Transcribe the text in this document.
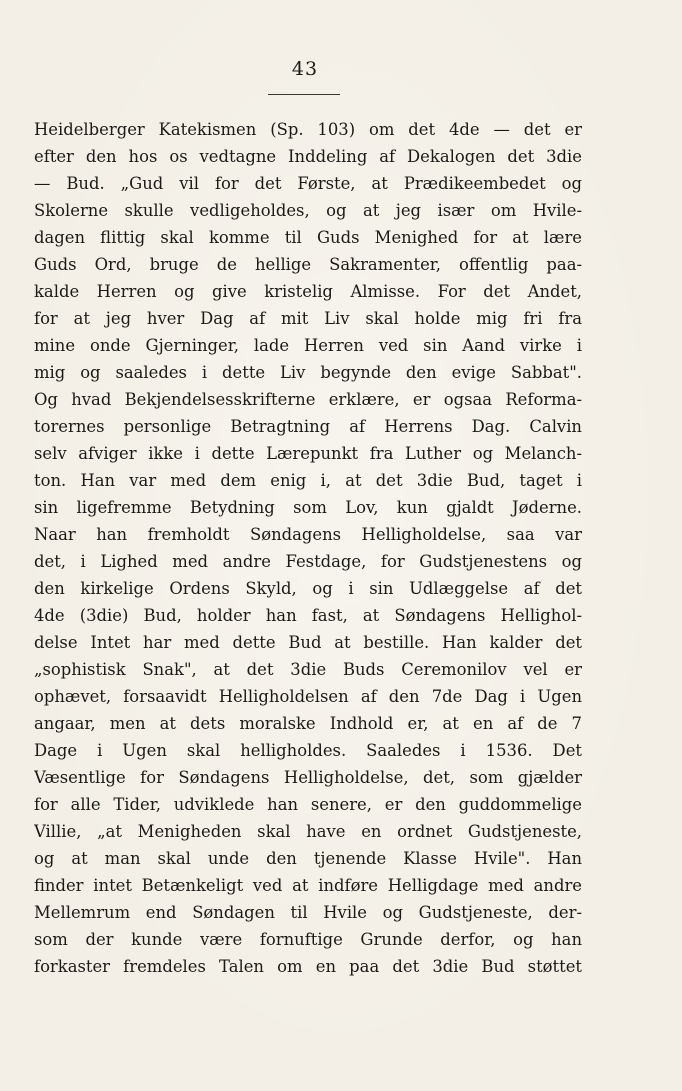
43
Heidelberger Katekismen (Sp. 103) om det 4de — det er
efter den hos os vedtagne Inddeling af Dekalogen det 3die
— Bud. „Gud vil for det Første, at Prædikeembedet og
Skolerne skulle vedligeholdes, og at jeg især om Hvile-
dagen flittig skal komme til Guds Menighed for at lære
Guds Ord, bruge de hellige Sakramenter, offentlig paa-
kalde Herren og give kristelig Almisse. For det Andet,
for at jeg hver Dag af mit Liv skal holde mig fri fra
mine onde Gjerninger, lade Herren ved sin Aand virke i
mig og saaledes i dette Liv begynde den evige Sabbat".
Og hvad Bekjendelsesskrifterne erklære, er ogsaa Reforma-
torernes personlige Betragtning af Herrens Dag. Calvin
selv afviger ikke i dette Lærepunkt fra Luther og Melanch-
ton. Han var med dem enig i, at det 3die Bud, taget i
sin ligefremme Betydning som Lov, kun gjaldt Jøderne.
Naar han fremholdt Søndagens Helligholdelse, saa var
det, i Lighed med andre Festdage, for Gudstjenestens og
den kirkelige Ordens Skyld, og i sin Udlæggelse af det
4de (3die) Bud, holder han fast, at Søndagens Hellighol-
delse Intet har med dette Bud at bestille. Han kalder det
„sophistisk Snak", at det 3die Buds Ceremonilov vel er
ophævet, forsaavidt Helligholdelsen af den 7de Dag i Ugen
angaar, men at dets moralske Indhold er, at en af de 7
Dage i Ugen skal helligholdes. Saaledes i 1536. Det
Væsentlige for Søndagens Helligholdelse, det, som gjælder
for alle Tider, udviklede han senere, er den guddommelige
Villie, „at Menigheden skal have en ordnet Gudstjeneste,
og at man skal unde den tjenende Klasse Hvile". Han
finder intet Betænkeligt ved at indføre Helligdage med andre
Mellemrum end Søndagen til Hvile og Gudstjeneste, der-
som der kunde være fornuftige Grunde derfor, og han
forkaster fremdeles Talen om en paa det 3die Bud støttet
